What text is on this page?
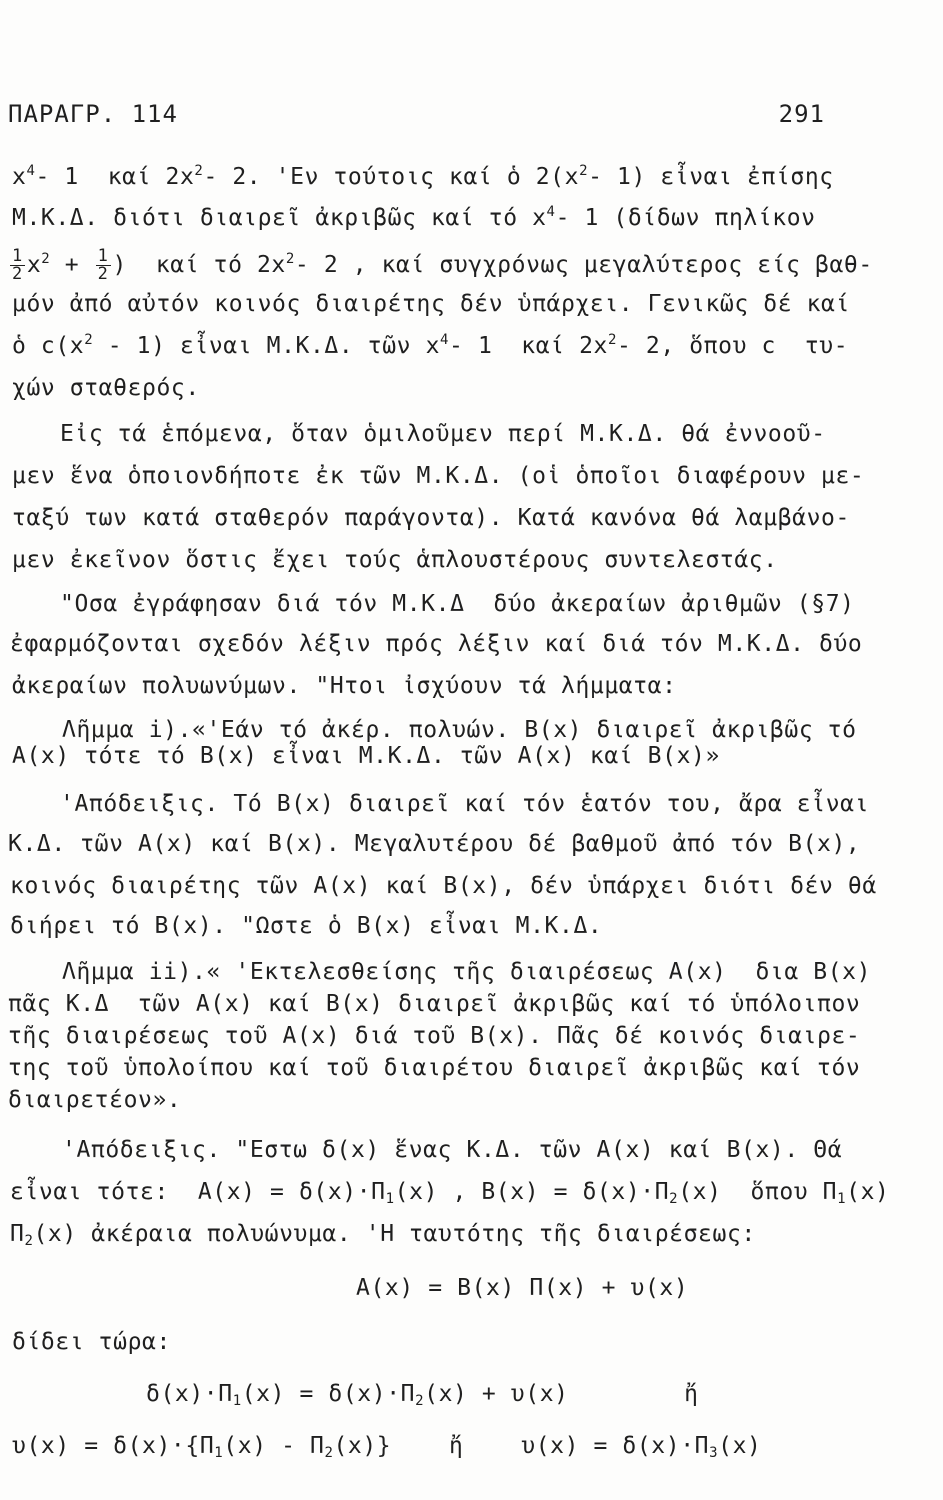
ΠΑΡΑΓΡ. 114	291
$x^4-$ 1  καί $2x^2-$ 2. 'Εν τούτοις καί ὁ $2(x^2-$ 1) εἶναι ἐπίσης
Μ.Κ.Δ. διότι διαιρεῖ ἀκριβῶς καί τό $x^4-$ 1 (δίδων πηλίκον
$\frac{1}{2} x^2 + \frac{1}{2}$ )  καί τό $2x^2-$ 2 , καί συγχρόνως μεγαλύτερος είς βαθ-
μόν ἀπό αὐτόν κοινός διαιρέτης δέν ὑπάρχει. Γενικῶς δέ καί
ὁ $c(x^2 - 1)$ εἶναι Μ.Κ.Δ. τῶν $x^4-$ 1  καί $2x^2-$ 2, ὅπου c  τυ-
χών σταθερός.
Εἰς τά ἑπόμενα, ὅταν ὁμιλοῦμεν περί Μ.Κ.Δ. θά ἐννοοῦ-
μεν ἕνα ὁποιονδήποτε ἐκ τῶν Μ.Κ.Δ. (οἱ ὁποῖοι διαφέρουν με-
ταξύ των κατά σταθερόν παράγοντα). Κατά κανόνα θά λαμβάνο-
μεν ἐκεῖνον ὅστις ἔχει τούς ἁπλουστέρους συντελεστάς.
"Οσα ἐγράφησαν διά τόν Μ.Κ.Δ  δύο ἀκεραίων ἀριθμῶν (§7)
ἐφαρμόζονται σχεδόν λέξιν πρός λέξιν καί διά τόν Μ.Κ.Δ. δύο
ἀκεραίων πολυωνύμων. "Ητοι ἰσχύουν τά λήμματα:
Λῆμμα i).«'Εάν τό ἀκέρ. πολυών. Β(x) διαιρεῖ ἀκριβῶς τό
Α(x) τότε τό Β(x) εἶναι Μ.Κ.Δ. τῶν Α(x) καί Β(x)»
'Απόδειξις. Τό Β(x) διαιρεῖ καί τόν ἑατόν του, ἄρα εἶναι
Κ.Δ. τῶν Α(x) καί Β(x). Μεγαλυτέρου δέ βαθμοῦ ἀπό τόν Β(x),
κοινός διαιρέτης τῶν Α(x) καί Β(x), δέν ὑπάρχει διότι δέν θά
διήρει τό Β(x). "Ωστε ὁ Β(x) εἶναι Μ.Κ.Δ.
Λῆμμα ii).« 'Εκτελεσθείσης τῆς διαιρέσεως Α(x)  δια Β(x)
πᾶς Κ.Δ  τῶν Α(x) καί Β(x) διαιρεῖ ἀκριβῶς καί τό ὑπόλοιπον
τῆς διαιρέσεως τοῦ Α(x) διά τοῦ Β(x). Πᾶς δέ κοινός διαιρε-
της τοῦ ὑπολοίπου καί τοῦ διαιρέτου διαιρεῖ ἀκριβῶς καί τόν
διαιρετέον».
'Απόδειξις. "Εστω δ(x) ἕνας Κ.Δ. τῶν Α(x) καί Β(x). Θά
εἶναι τότε:  $A(x) = \delta(x)\cdot\Pi_1(x)$ , $B(x) = \delta(x)\cdot\Pi_2(x)$  ὅπου $\Pi_1(x)$
$\Pi_2(x)$ ἀκέραια πολυώνυμα. 'Η ταυτότης τῆς διαιρέσεως:
Α(x) = Β(x) Π(x) + υ(x)
δίδει τώρα:
$\delta(x)\cdot\Pi_1(x) = \delta(x)\cdot\Pi_2(x) + \upsilon(x)$        ἤ
$\upsilon(x) = \delta(x)\cdot\{\Pi_1(x) - \Pi_2(x)\}$    ἤ    $\upsilon(x) = \delta(x)\cdot\Pi_3(x)$
